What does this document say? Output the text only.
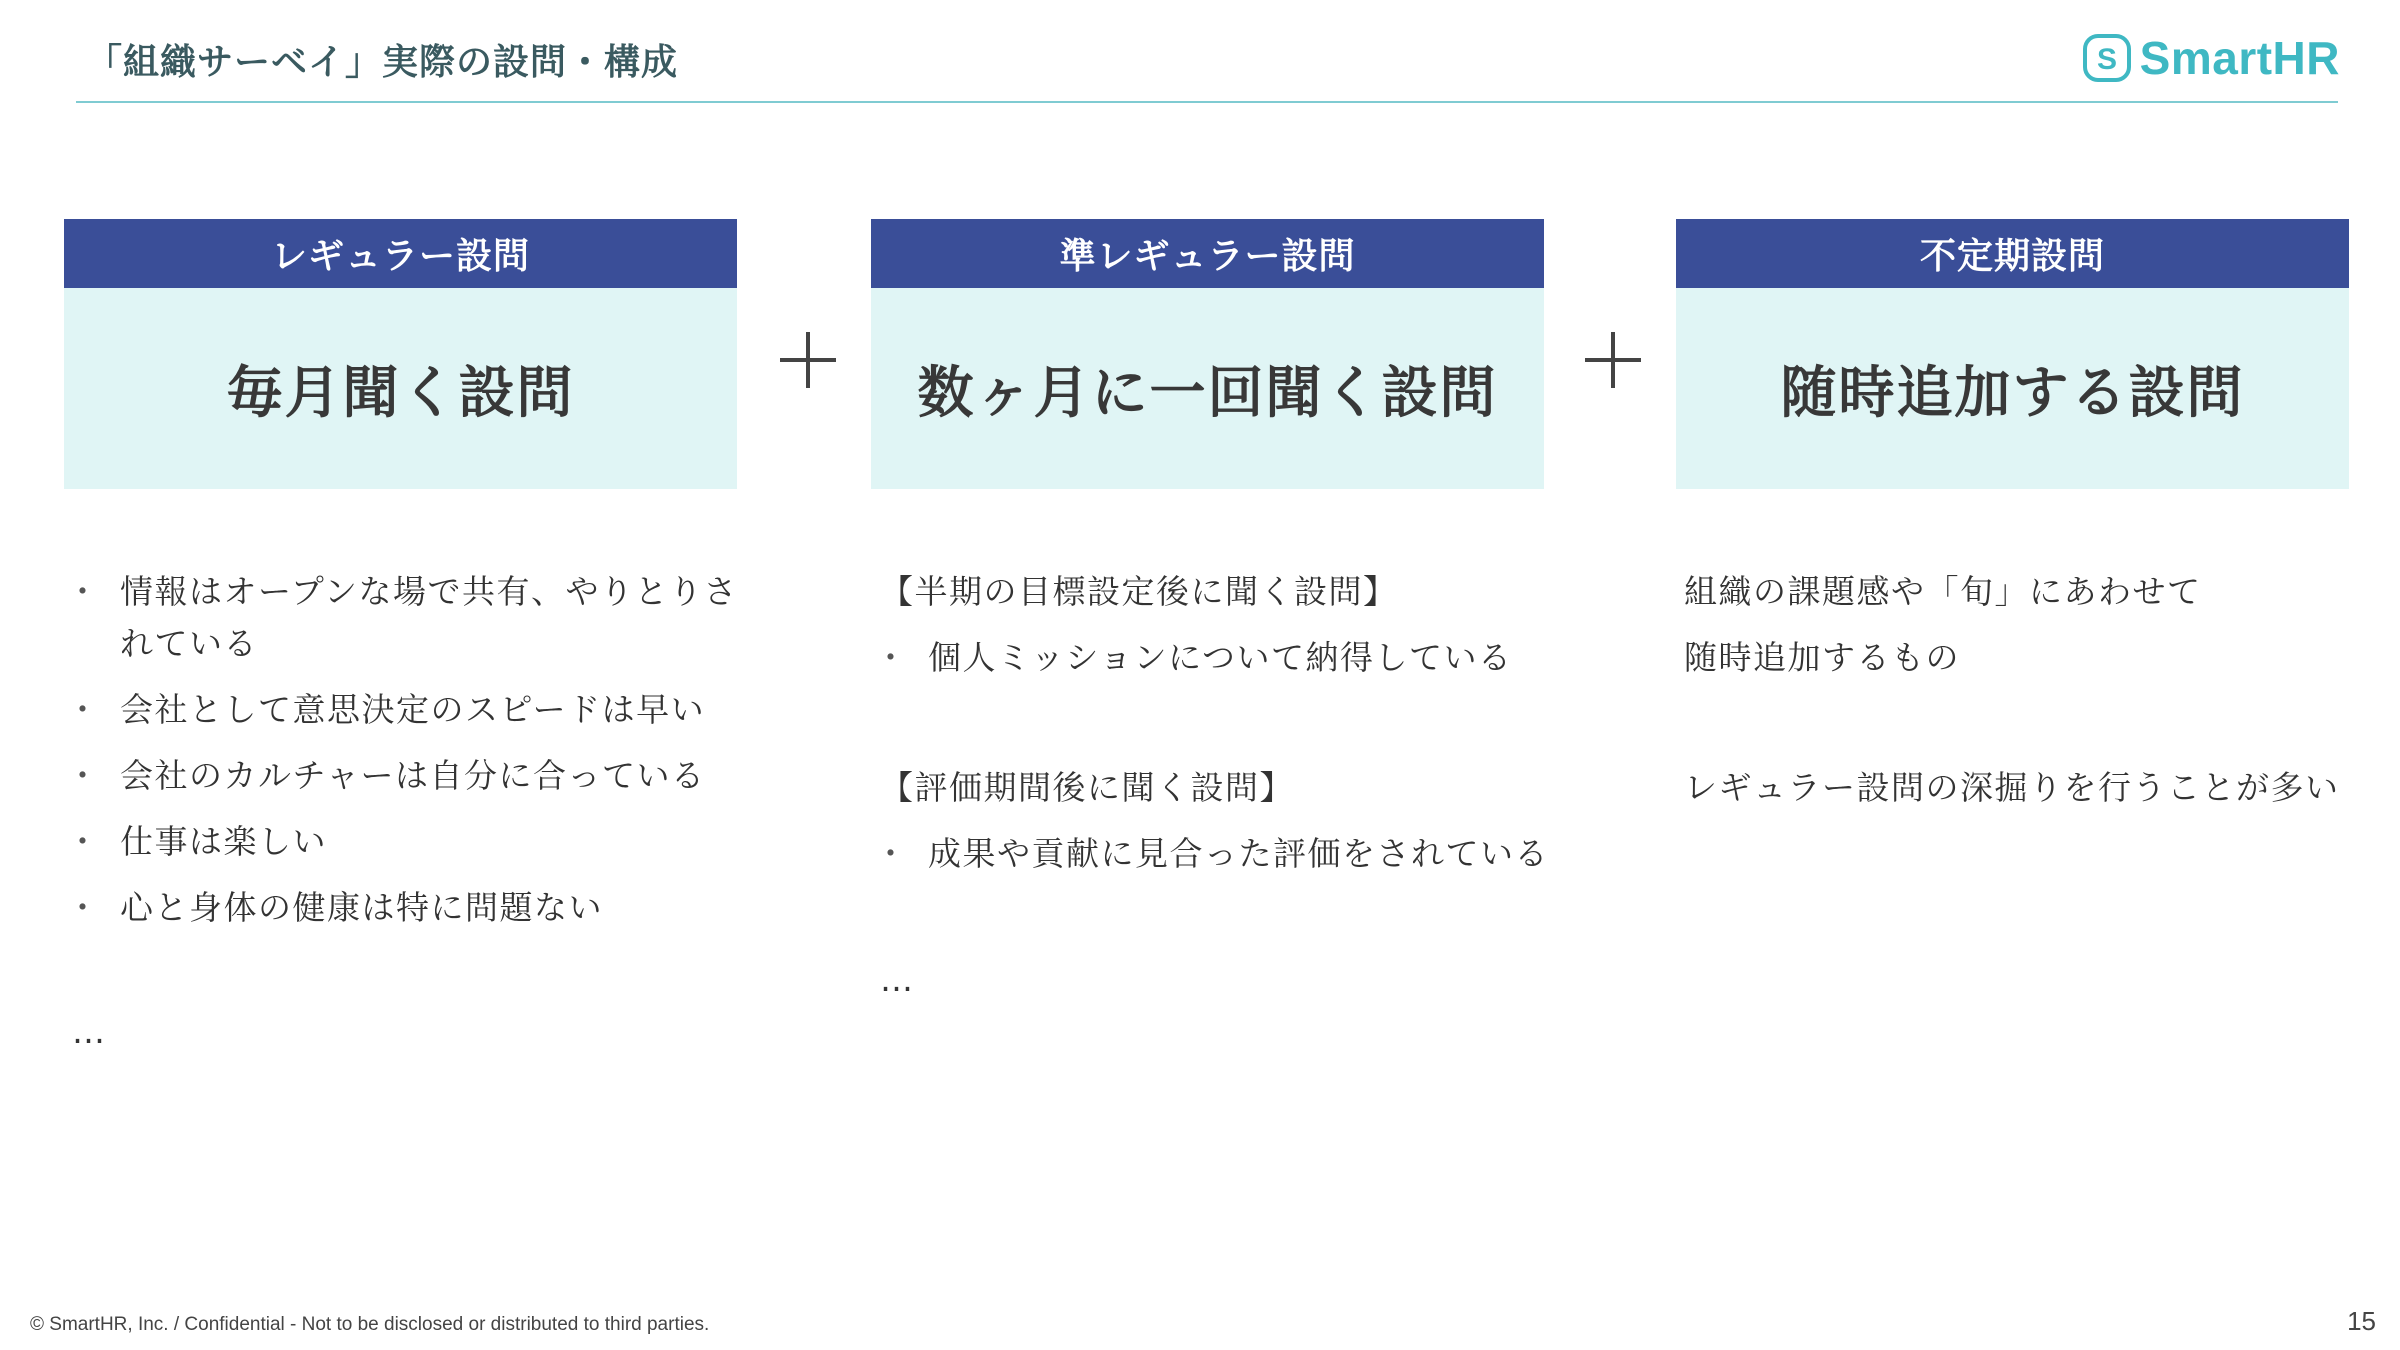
「組織サーベイ」実際の設問・構成	S SmartHR
レギュラー設問
毎月聞く設問
準レギュラー設問
数ヶ月に一回聞く設問
不定期設問
随時追加する設問
・ 情報はオープンな場で共有、やりとりされている
・ 会社として意思決定のスピードは早い
・ 会社のカルチャーは自分に合っている
・ 仕事は楽しい
・ 心と身体の健康は特に問題ない
…
【半期の目標設定後に聞く設問】
・ 個人ミッションについて納得している
【評価期間後に聞く設問】
・ 成果や貢献に見合った評価をされている
…
組織の課題感や「旬」にあわせて
随時追加するもの
レギュラー設問の深掘りを行うことが多い
© SmartHR, Inc. / Confidential - Not to be disclosed or distributed to third parties.	15
